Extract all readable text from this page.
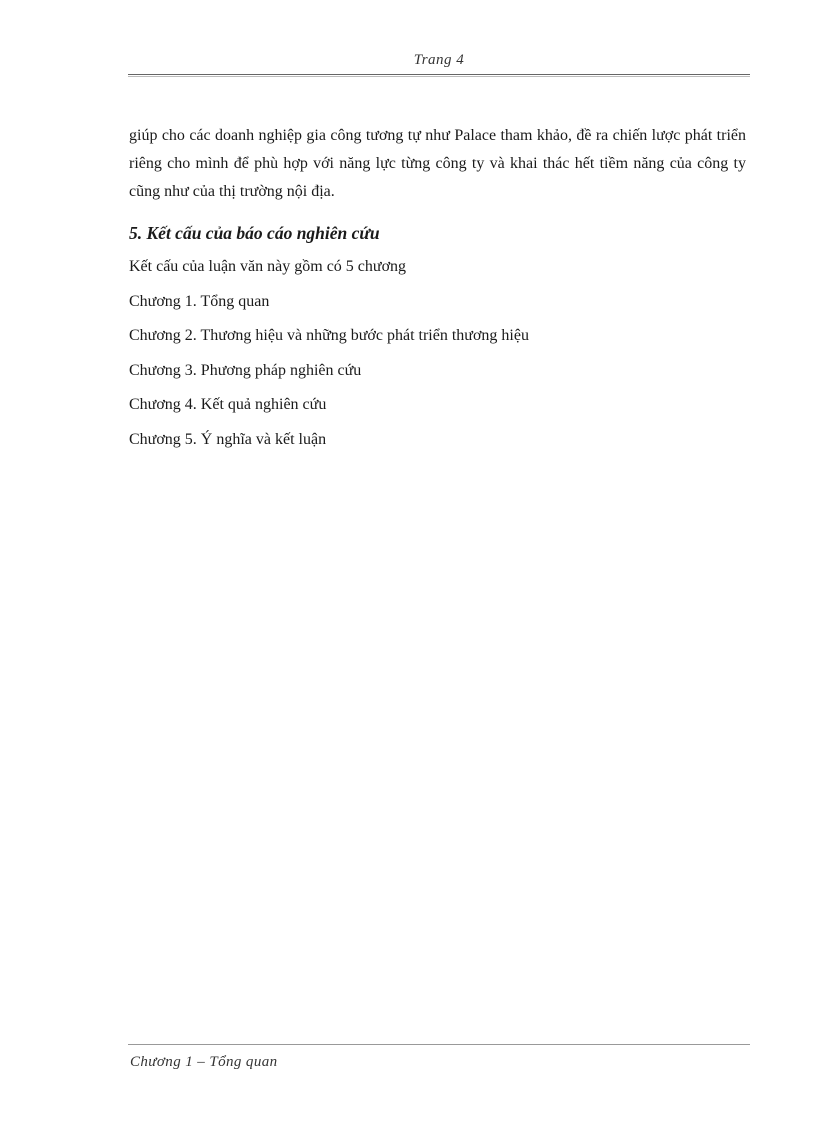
Trang 4

giúp cho các doanh nghiệp gia công tương tự như Palace tham khảo, đề ra chiến lược phát triển riêng cho mình để phù hợp với năng lực từng công ty và khai thác hết tiềm năng của công ty cũng như của thị trường nội địa.

5. Kết cấu của báo cáo nghiên cứu

Kết cấu của luận văn này gồm có 5 chương

Chương 1. Tổng quan

Chương 2. Thương hiệu và những bước phát triển thương hiệu

Chương 3. Phương pháp nghiên cứu

Chương 4. Kết quả nghiên cứu

Chương 5. Ý nghĩa và kết luận

Chương 1 – Tổng quan
